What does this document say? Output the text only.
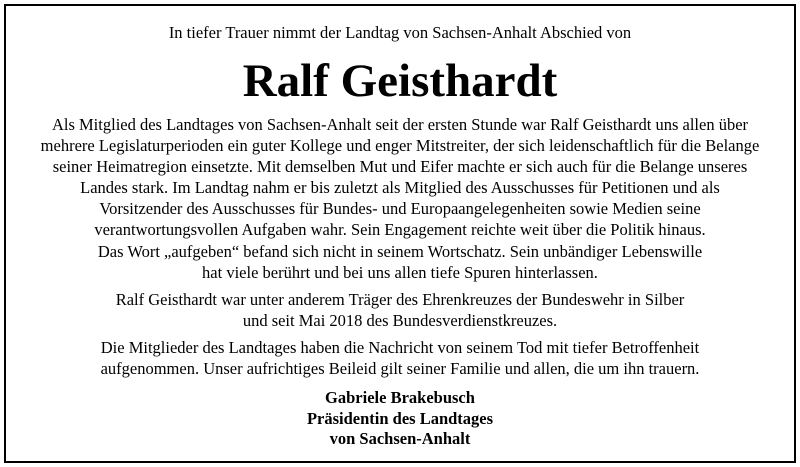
In tiefer Trauer nimmt der Landtag von Sachsen-Anhalt Abschied von

Ralf Geisthardt
Als Mitglied des Landtages von Sachsen-Anhalt seit der ersten Stunde war Ralf Geisthardt uns allen über
mehrere Legislaturperioden ein guter Kollege und enger Mitstreiter, der sich leidenschaftlich für die Belange
seiner Heimatregion einsetzte. Mit demselben Mut und Eifer machte er sich auch für die Belange unseres
Landes stark. Im Landtag nahm er bis zuletzt als Mitglied des Ausschusses für Petitionen und als
Vorsitzender des Ausschusses für Bundes- und Europaangelegenheiten sowie Medien seine
verantwortungsvollen Aufgaben wahr. Sein Engagement reichte weit über die Politik hinaus.
Das Wort „aufgeben“ befand sich nicht in seinem Wortschatz. Sein unbändiger Lebenswille
hat viele berührt und bei uns allen tiefe Spuren hinterlassen.
Ralf Geisthardt war unter anderem Träger des Ehrenkreuzes der Bundeswehr in Silber
und seit Mai 2018 des Bundesverdienstkreuzes.
Die Mitglieder des Landtages haben die Nachricht von seinem Tod mit tiefer Betroffenheit
aufgenommen. Unser aufrichtiges Beileid gilt seiner Familie und allen, die um ihn trauern.
Gabriele Brakebusch
Präsidentin des Landtages
von Sachsen-Anhalt
